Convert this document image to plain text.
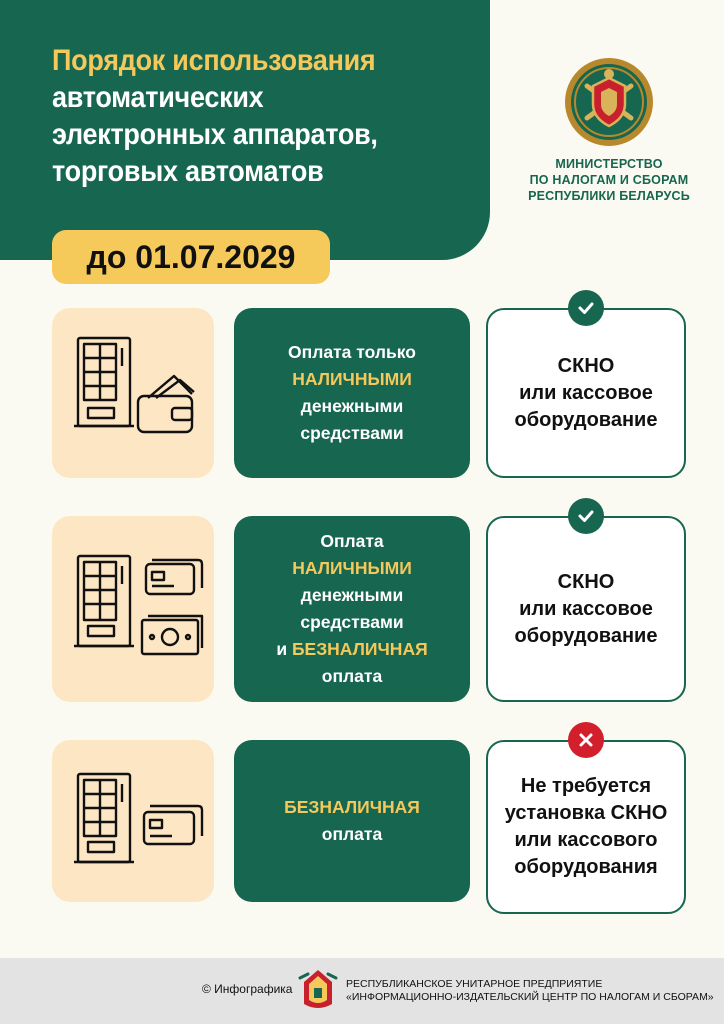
Порядок использования
автоматических
электронных аппаратов,
торговых автоматов
до 01.07.2029
МИНИСТЕРСТВО
ПО НАЛОГАМ И СБОРАМ
РЕСПУБЛИКИ БЕЛАРУСЬ
Оплата только
НАЛИЧНЫМИ
денежными
средствами
СКНО
или кассовое
оборудование
Оплата
НАЛИЧНЫМИ
денежными
средствами
и БЕЗНАЛИЧНАЯ
оплата
СКНО
или кассовое
оборудование
БЕЗНАЛИЧНАЯ
оплата
Не требуется
установка СКНО
или кассового
оборудования
© Инфографика	РЕСПУБЛИКАНСКОЕ УНИТАРНОЕ ПРЕДПРИЯТИЕ
«ИНФОРМАЦИОННО-ИЗДАТЕЛЬСКИЙ ЦЕНТР ПО НАЛОГАМ И СБОРАМ»
